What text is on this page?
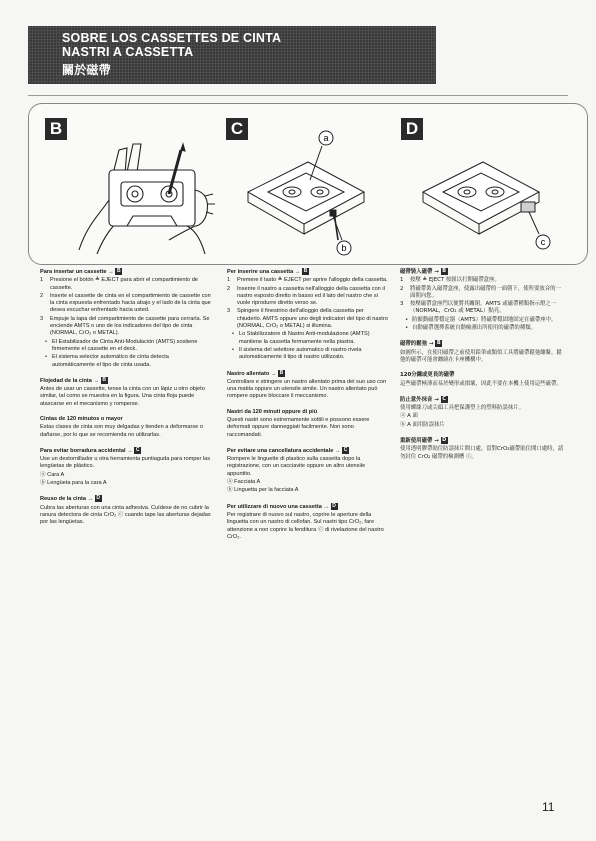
SOBRE LOS CASSETTES DE CINTA
NASTRI A CASSETTA
關於磁帶
B	C	D
a
b
c
Para insertar un cassette → B
1 Presione el botón ≜ EJECT para abrir el compartimiento de cassette.
2 Inserte el cassette de cinta en el compartimiento de cassette con la cinta expuesta enfrentado hacia abajo y el lado de la cinta que desea escuchar enfrentado hacia usted.
3 Empuje la tapa del compartimiento de cassette para cerrarla. Se enciende AMTS o uno de los indicadores del tipo de cinta (NORMAL, CrO₂ o METAL).
• El Estabilizador de Cinta Anti-Modulación (AMTS) sostiene firmemente el cassette en el deck.
• El sistema selector automático de cinta detecta automáticamente el tipo de cinta usada.
Flojedad de la cinta → B
Antes de usar un cassette, tense la cinta con un lápiz u otro objeto similar, tal como se muestra en la figura. Una cinta floja puede atascarse en el mecanismo y romperse.
Cintas de 120 minutos o mayor
Estas clases de cinta son muy delgadas y tienden a deformarse o dañarse, por lo que se recomienda no utilizarlas.
Para evitar borradura accidental → C
Use un destornillador u otra herramienta puntiaguda para romper las lengüetas de plástico.
ⓐ Cara A
ⓑ Lengüeta para la cara A
Reuso de la cinta → D
Cubra las aberturas con una cinta adhesiva. Cuídese de no cubrir la ranura detectora de cinta CrO₂ ⓒ cuando tape las aberturas dejadas por las lengüetas.
Per inserire una cassetta → B
1 Premere il tasto ≜ EJECT per aprire l'alloggio della cassetta.
2 Inserire il nastro a cassetta nell'alloggio della cassetta con il nastro esposto diretto in basso ed il lato del nastro che si vuole riprodurre diretto verso se.
3 Spingere il finestrino dell'alloggio della cassetta per chiuderlo. AMTS oppure uno degli indicatori del tipo di nastro (NORMAL, CrO₂ o METAL) si illumina.
• Lo Stabilizzatore di Nastro Anti-modulazione (AMTS) mantiene la cassetta fermamente nella piastra.
• Il sistema del selettore automatico di nastro rivela automaticamente il tipo di nastro utilizzato.
Nastro allentato → B
Controllare e stringere un nastro allentato prima del suo uso con una matita oppure un utensile simile. Un nastro allentato può rompere oppure bloccare il meccanismo.
Nastri da 120 minuti oppure di più
Questi nastri sono estremamente sottili e possono essere deformati oppure danneggiati facilmente. Non sono raccomandati.
Per evitare una cancellatura accidentale → C
Rompere le linguette di plastico sulla cassetta dopo la registrazione, con un cacciavite oppure un altro utensile appuntito.
ⓐ Facciata A
ⓑ Linguetta per la facciata A
Per utilizzare di nuovo una cassetta → D
Per registrare di nuovo sul nastro, coprire le aperture della linguetta con un nastro di cellofan. Sul nastri tipo CrO₂, fare attenzione a non coprire la fenditura ⓒ di rivelazione del nastro CrO₂.
磁帶裝入磁帶 → B
1 按壓 ≜ EJECT 按鈕以打開磁帶盒座。
2 將磁帶裝入磁帶盒座，使露出磁帶的一面朝下，使所要放音的一面朝向您。
3 按壓磁帶盒座門以便將其關閉。AMTS 或磁帶種類指示燈之一（NORMAL，CrO₂ 或 METAL）點亮。
• 防顫動磁帶穩定器（AMTS）將磁帶穩固地固定在磁帶座中。
• 自動磁帶選擇系統自動檢測出所使用的磁帶的種類。
磁帶的鬆弛 → B
如圖所示，在使用磁帶之前使用鉛筆或類似工具將磁帶鬆弛繃緊。鬆弛的磁帶可能會纏繞在卡座機構中。
120分鐘或更長的磁帶
這些磁帶極薄而易於變形或損壞，因此不要在本機上使用這些磁帶。
防止意外抹音 → C
使用螺絲刀或尖頭工具把保護塑上的塑料防誤抹片。
ⓐ A 面
ⓑ A 面用防誤抹片
重新使用磁帶 → D
使用透明膠帶貼住防誤抹片開口處。當對CrO₂磁帶貼住開口處時，請勿封住 CrO₂ 磁帶的檢測槽 ⓒ。
11
